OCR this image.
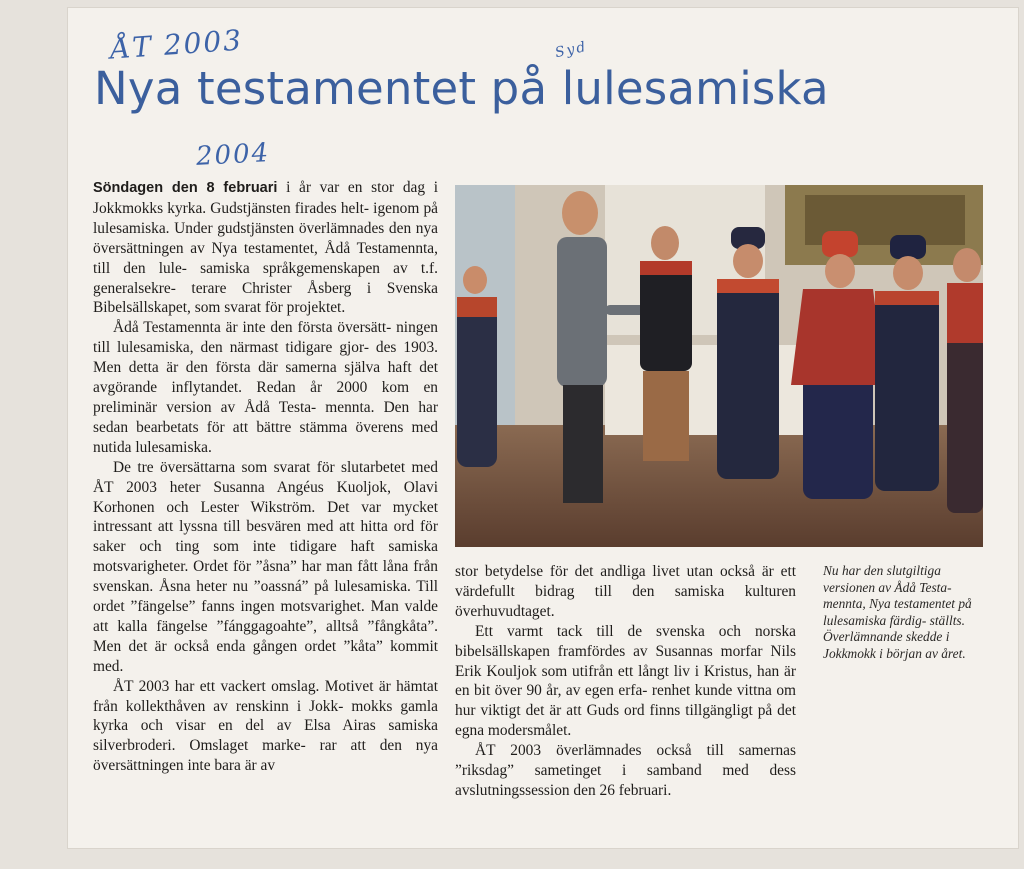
ÅT 2003	Syd
2004
Nya testamentet på lulesamiska

Söndagen den 8 februari i år var en stor dag i Jokkmokks kyrka. Gudstjänsten firades helt- igenom på lulesamiska. Under gudstjänsten överlämnades den nya översättningen av Nya testamentet, Ådå Testamennta, till den lule- samiska språkgemenskapen av t.f. generalsekre- terare Christer Åsberg i Svenska Bibelsällskapet, som svarat för projektet.

Ådå Testamennta är inte den första översätt- ningen till lulesamiska, den närmast tidigare gjor- des 1903. Men detta är den första där samerna själva haft det avgörande inflytandet. Redan år 2000 kom en preliminär version av Ådå Testa- mennta. Den har sedan bearbetats för att bättre stämma överens med nutida lulesamiska.

De tre översättarna som svarat för slutarbetet med ÅT 2003 heter Susanna Angéus Kuoljok, Olavi Korhonen och Lester Wikström. Det var mycket intressant att lyssna till besvären med att hitta ord för saker och ting som inte tidigare haft samiska motsvarigheter. Ordet för ”åsna” har man fått låna från svenskan. Åsna heter nu ”oassná” på lulesamiska. Till ordet ”fängelse” fanns ingen motsvarighet. Man valde att kalla fängelse ”fánggagoahte”, alltså ”fångkåta”. Men det är också enda gången ordet ”kåta” kommit med.

ÅT 2003 har ett vackert omslag. Motivet är hämtat från kollekthåven av renskinn i Jokk- mokks gamla kyrka och visar en del av Elsa Airas samiska silverbroderi. Omslaget marke- rar att den nya översättningen inte bara är av

stor betydelse för det andliga livet utan också är ett värdefullt bidrag till den samiska kulturen överhuvudtaget.

Ett varmt tack till de svenska och norska bibelsällskapen framfördes av Susannas morfar Nils Erik Kouljok som utifrån ett långt liv i Kristus, han är en bit över 90 år, av egen erfa- renhet kunde vittna om hur viktigt det är att Guds ord finns tillgängligt på det egna modersmålet.

ÅT 2003 överlämnades också till samernas ”riksdag” sametinget i samband med dess avslutningssession den 26 februari.

Nu har den slutgiltiga versionen av Ådå Testa- mennta, Nya testamentet på lulesamiska färdig- ställts. Överlämnande skedde i Jokkmokk i början av året.
